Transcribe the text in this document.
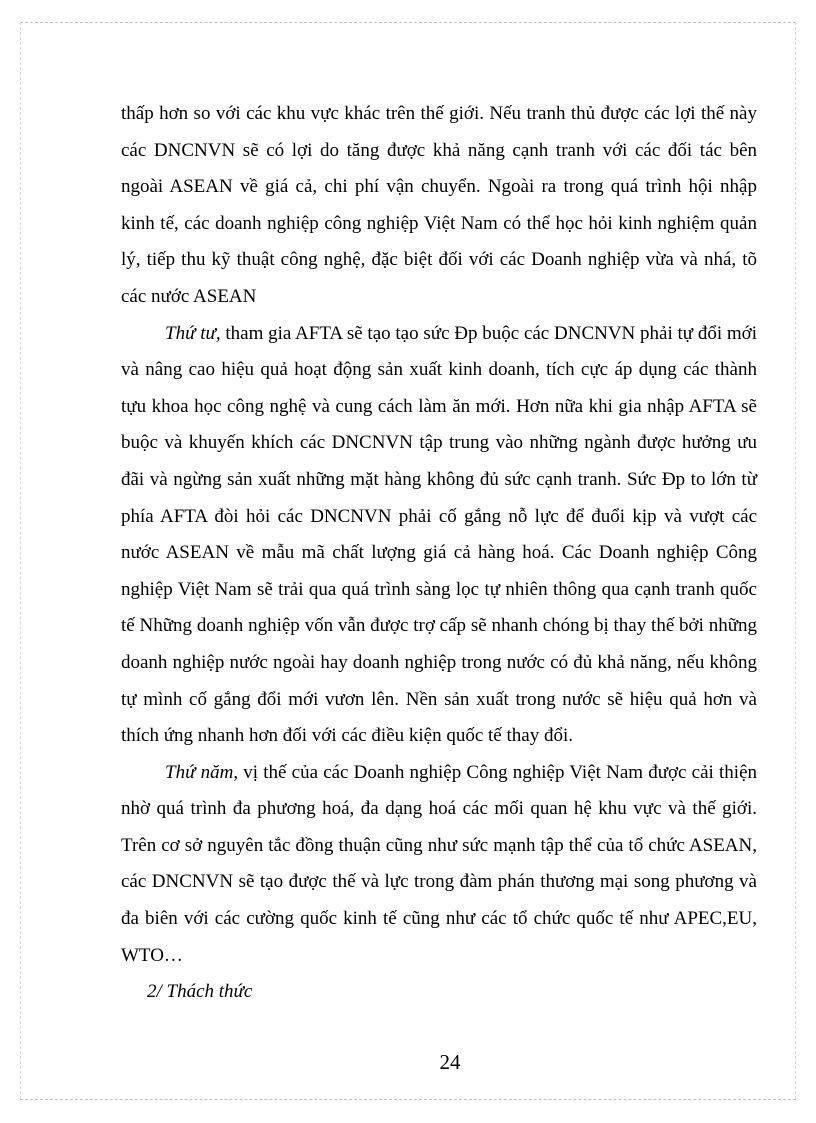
thấp hơn so với các khu vực khác trên thế giới. Nếu tranh thủ được các lợi thế này các DNCNVN sẽ có lợi do tăng được khả năng cạnh tranh với các đối tác bên ngoài ASEAN về giá cả, chi phí vận chuyển. Ngoài ra trong quá trình hội nhập kinh tế, các doanh nghiệp công nghiệp Việt Nam có thể học hỏi kinh nghiệm quản lý, tiếp thu kỹ thuật công nghệ, đặc biệt đối với các Doanh nghiệp vừa và nhá, tõ các nước ASEAN

Thứ tư, tham gia AFTA sẽ tạo tạo sức Đp buộc các DNCNVN phải tự đổi mới và nâng cao hiệu quả hoạt động sản xuất kinh doanh, tích cực áp dụng các thành tựu khoa học công nghệ và cung cách làm ăn mới. Hơn nữa khi gia nhập AFTA sẽ buộc và khuyến khích các DNCNVN tập trung vào những ngành được hưởng ưu đãi và ngừng sản xuất những mặt hàng không đủ sức cạnh tranh. Sức Đp to lớn từ phía AFTA đòi hỏi các DNCNVN phải cố gắng nỗ lực để đuổi kịp và vượt các nước ASEAN về mẫu mã chất lượng giá cả hàng hoá. Các Doanh nghiệp Công nghiệp Việt Nam sẽ trải qua quá trình sàng lọc tự nhiên thông qua cạnh tranh quốc tế Những doanh nghiệp vốn vẫn được trợ cấp sẽ nhanh chóng bị thay thế bởi những doanh nghiệp nước ngoài hay doanh nghiệp trong nước có đủ khả năng, nếu không tự mình cố gắng đổi mới vươn lên. Nền sản xuất trong nước sẽ hiệu quả hơn và thích ứng nhanh hơn đối với các điều kiện quốc tế thay đổi.

Thứ năm, vị thế của các Doanh nghiệp Công nghiệp Việt Nam được cải thiện nhờ quá trình đa phương hoá, đa dạng hoá các mối quan hệ khu vực và thế giới. Trên cơ sở nguyên tắc đồng thuận cũng như sức mạnh tập thể của tổ chức ASEAN, các DNCNVN sẽ tạo được thế và lực trong đàm phán thương mại song phương và đa biên với các cường quốc kinh tế cũng như các tổ chức quốc tế như APEC,EU, WTO…

2/ Thách thức

24
